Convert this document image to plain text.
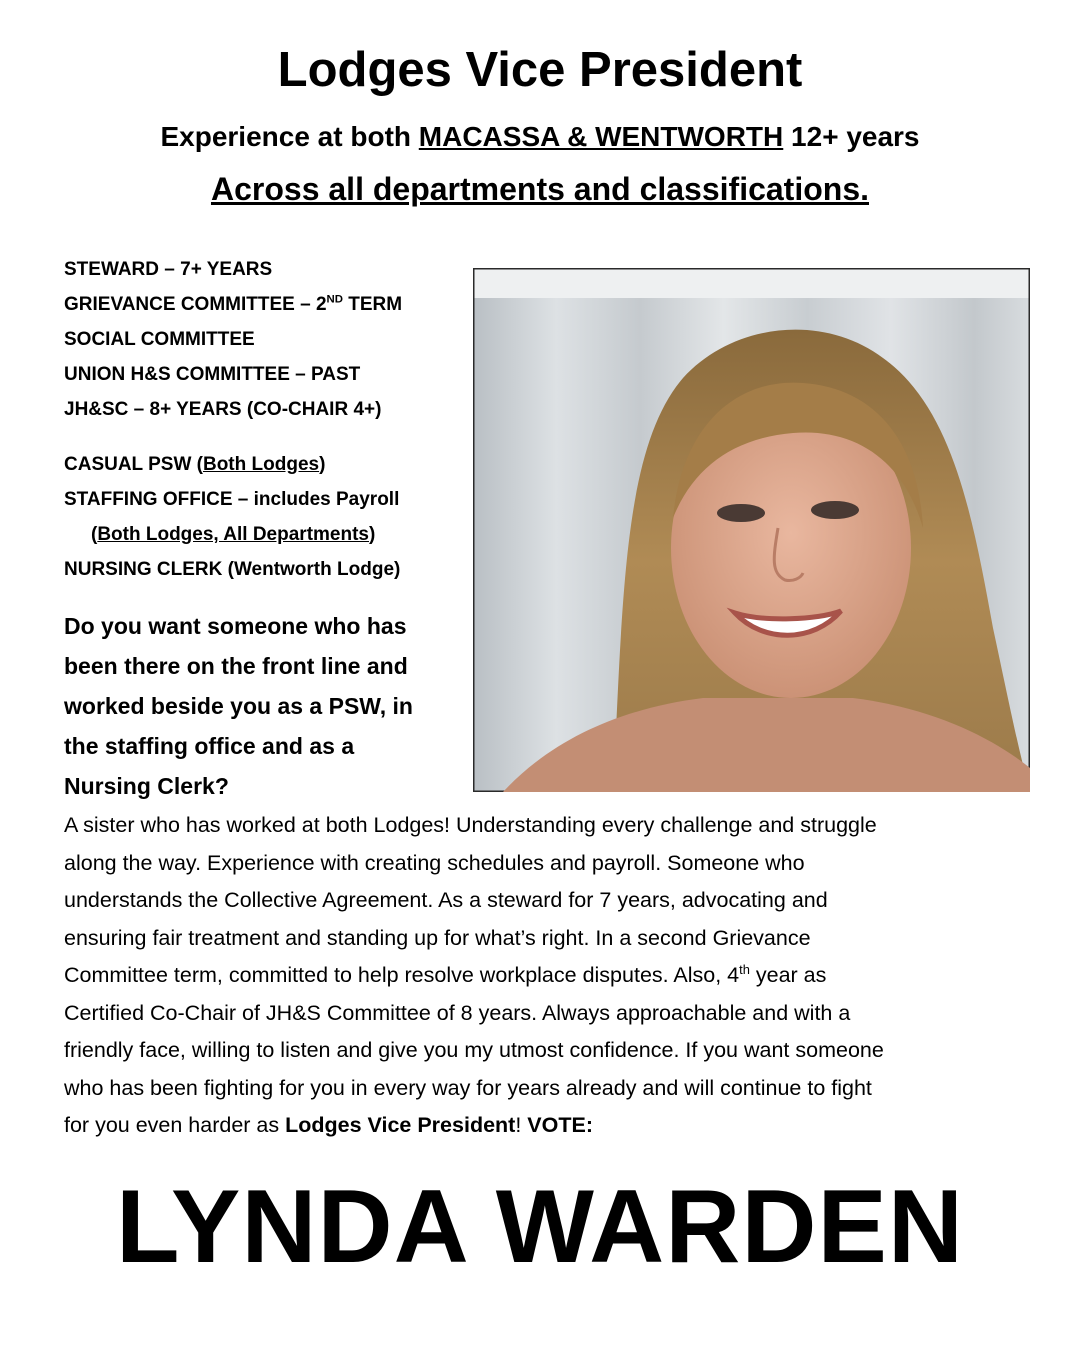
Lodges Vice President
Experience at both MACASSA & WENTWORTH 12+ years
Across all departments and classifications.
STEWARD – 7+ YEARS
GRIEVANCE COMMITTEE – 2ND TERM
SOCIAL COMMITTEE
UNION H&S COMMITTEE – PAST
JH&SC – 8+ YEARS (CO-CHAIR 4+)
CASUAL PSW (Both Lodges)
STAFFING OFFICE – includes Payroll
(Both Lodges, All Departments)
NURSING CLERK (Wentworth Lodge)
Do you want someone who has
been there on the front line and
worked beside you as a PSW, in
the staffing office and as a
Nursing Clerk?
A sister who has worked at both Lodges! Understanding every challenge and struggle
along the way. Experience with creating schedules and payroll. Someone who
understands the Collective Agreement. As a steward for 7 years, advocating and
ensuring fair treatment and standing up for what’s right. In a second Grievance
Committee term, committed to help resolve workplace disputes. Also, 4th year as
Certified Co-Chair of JH&S Committee of 8 years. Always approachable and with a
friendly face, willing to listen and give you my utmost confidence. If you want someone
who has been fighting for you in every way for years already and will continue to fight
for you even harder as Lodges Vice President! VOTE:
LYNDA WARDEN
